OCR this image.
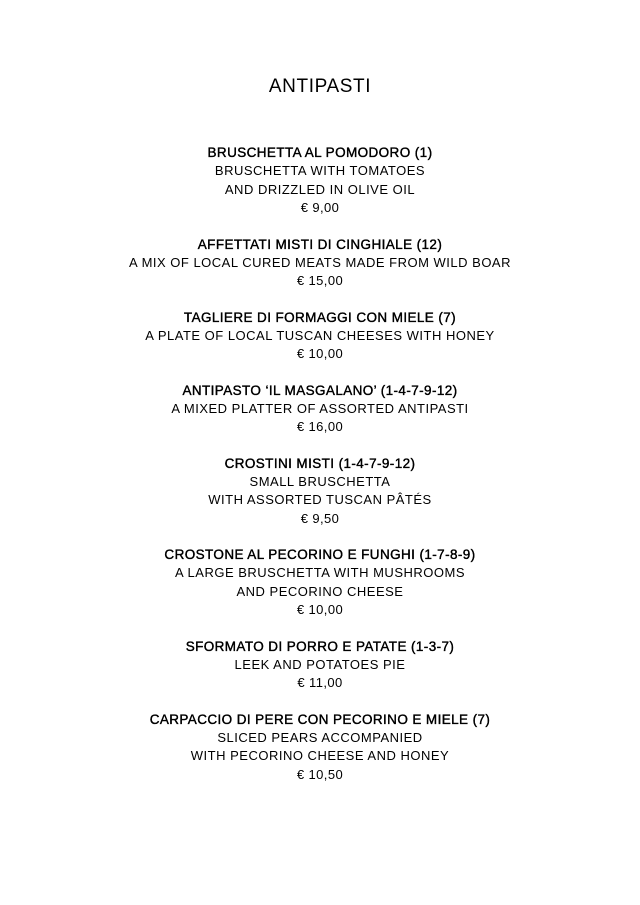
ANTIPASTI
BRUSCHETTA AL POMODORO (1)
BRUSCHETTA WITH TOMATOES
AND DRIZZLED IN OLIVE OIL
€ 9,00
AFFETTATI MISTI DI CINGHIALE (12)
A MIX OF LOCAL CURED MEATS MADE FROM WILD BOAR
€ 15,00
TAGLIERE DI FORMAGGI CON MIELE (7)
A PLATE OF LOCAL TUSCAN CHEESES WITH HONEY
€ 10,00
ANTIPASTO ‘IL MASGALANO’ (1-4-7-9-12)
A MIXED PLATTER OF ASSORTED ANTIPASTI
€ 16,00
CROSTINI MISTI (1-4-7-9-12)
SMALL BRUSCHETTA
WITH ASSORTED TUSCAN PÂTÉS
€ 9,50
CROSTONE AL PECORINO E FUNGHI (1-7-8-9)
A LARGE BRUSCHETTA WITH MUSHROOMS
AND PECORINO CHEESE
€ 10,00
SFORMATO DI PORRO E PATATE (1-3-7)
LEEK AND POTATOES PIE
€ 11,00
CARPACCIO DI PERE CON PECORINO E MIELE (7)
SLICED PEARS ACCOMPANIED
WITH PECORINO CHEESE AND HONEY
€ 10,50
